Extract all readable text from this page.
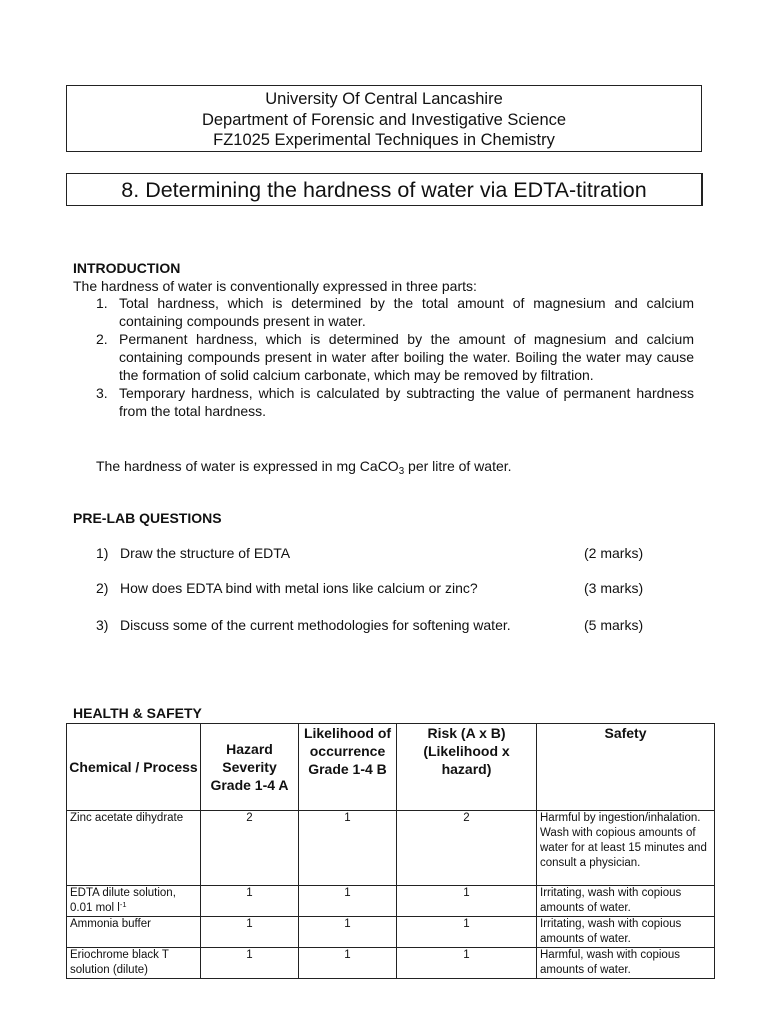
University Of Central Lancashire
Department of Forensic and Investigative Science
FZ1025 Experimental Techniques in Chemistry
8. Determining the hardness of water via EDTA-titration
INTRODUCTION
The hardness of water is conventionally expressed in three parts:
1. Total hardness, which is determined by the total amount of magnesium and calcium containing compounds present in water.
2. Permanent hardness, which is determined by the amount of magnesium and calcium containing compounds present in water after boiling the water. Boiling the water may cause the formation of solid calcium carbonate, which may be removed by filtration.
3. Temporary hardness, which is calculated by subtracting the value of permanent hardness from the total hardness.
The hardness of water is expressed in mg CaCO$_3$ per litre of water.
PRE-LAB QUESTIONS
1) Draw the structure of EDTA	(2 marks)
2) How does EDTA bind with metal ions like calcium or zinc?	(3 marks)
3) Discuss some of the current methodologies for softening water.	(5 marks)
HEALTH & SAFETY
Chemical / Process	Hazard Severity Grade 1-4 A	Likelihood of occurrence Grade 1-4 B	Risk (A x B) (Likelihood x hazard)	Safety
Zinc acetate dihydrate	2	1	2	Harmful by ingestion/inhalation. Wash with copious amounts of water for at least 15 minutes and consult a physician.
EDTA dilute solution, 0.01 mol $l^{-1}$	1	1	1	Irritating, wash with copious amounts of water.
Ammonia buffer	1	1	1	Irritating, wash with copious amounts of water.
Eriochrome black T solution (dilute)	1	1	1	Harmful, wash with copious amounts of water.
